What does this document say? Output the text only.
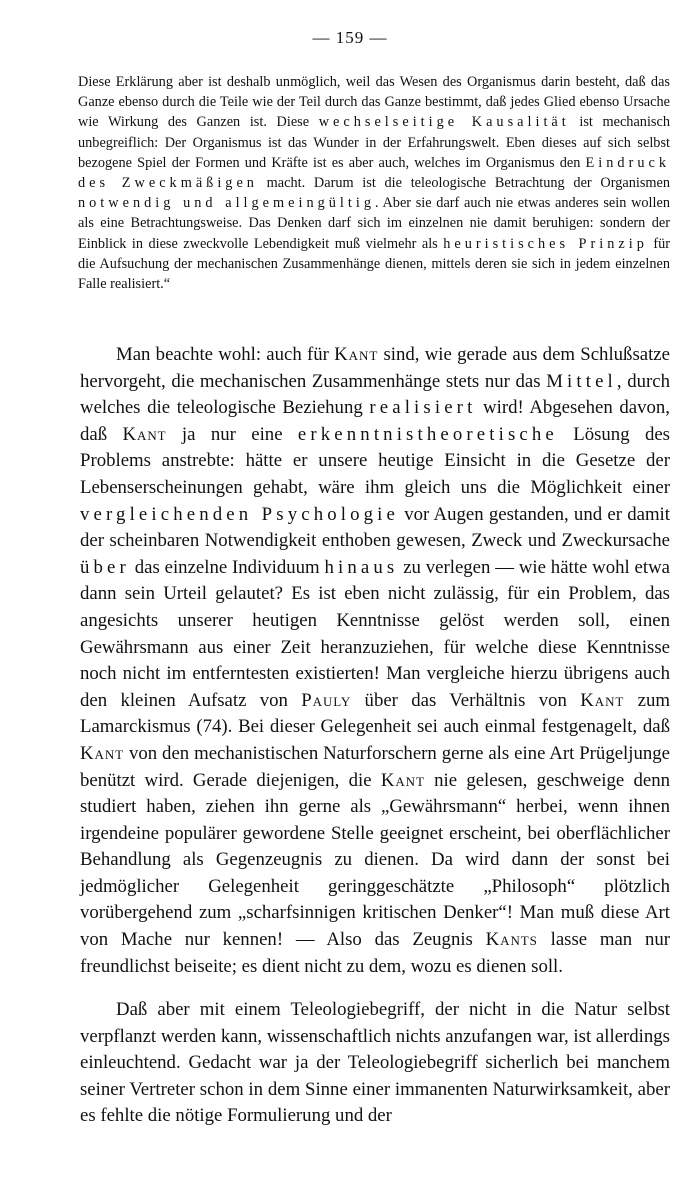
— 159 —

Diese Erklärung aber ist deshalb unmöglich, weil das Wesen des Organismus darin besteht, daß das Ganze ebenso durch die Teile wie der Teil durch das Ganze bestimmt, daß jedes Glied ebenso Ursache wie Wirkung des Ganzen ist. Diese wechselseitige Kausalität ist mechanisch unbegreiflich: Der Organismus ist das Wunder in der Erfahrungswelt. Eben dieses auf sich selbst bezogene Spiel der Formen und Kräfte ist es aber auch, welches im Organismus den Eindruck des Zweckmäßigen macht. Darum ist die teleologische Betrachtung der Organismen notwendig und allgemeingültig. Aber sie darf auch nie etwas anderes sein wollen als eine Betrachtungsweise. Das Denken darf sich im einzelnen nie damit beruhigen: sondern der Einblick in diese zweckvolle Lebendigkeit muß vielmehr als heuristisches Prinzip für die Aufsuchung der mechanischen Zusammenhänge dienen, mittels deren sie sich in jedem einzelnen Falle realisiert.“

Man beachte wohl: auch für Kant sind, wie gerade aus dem Schlußsatze hervorgeht, die mechanischen Zusammenhänge stets nur das Mittel, durch welches die teleologische Beziehung realisiert wird! Abgesehen davon, daß Kant ja nur eine erkenntnistheoretische Lösung des Problems anstrebte: hätte er unsere heutige Einsicht in die Gesetze der Lebenserscheinungen gehabt, wäre ihm gleich uns die Möglichkeit einer vergleichenden Psychologie vor Augen gestanden, und er damit der scheinbaren Notwendigkeit enthoben gewesen, Zweck und Zweckursache über das einzelne Individuum hinaus zu verlegen — wie hätte wohl etwa dann sein Urteil gelautet? Es ist eben nicht zulässig, für ein Problem, das angesichts unserer heutigen Kenntnisse gelöst werden soll, einen Gewährsmann aus einer Zeit heranzuziehen, für welche diese Kenntnisse noch nicht im entferntesten existierten! Man vergleiche hierzu übrigens auch den kleinen Aufsatz von Pauly über das Verhältnis von Kant zum Lamarckismus (74). Bei dieser Gelegenheit sei auch einmal festgenagelt, daß Kant von den mechanistischen Naturforschern gerne als eine Art Prügeljunge benützt wird. Gerade diejenigen, die Kant nie gelesen, geschweige denn studiert haben, ziehen ihn gerne als „Gewährsmann“ herbei, wenn ihnen irgendeine populärer gewordene Stelle geeignet erscheint, bei oberflächlicher Behandlung als Gegenzeugnis zu dienen. Da wird dann der sonst bei jedmöglicher Gelegenheit geringgeschätzte „Philosoph“ plötzlich vorübergehend zum „scharfsinnigen kritischen Denker“! Man muß diese Art von Mache nur kennen! — Also das Zeugnis Kants lasse man nur freundlichst beiseite; es dient nicht zu dem, wozu es dienen soll.

Daß aber mit einem Teleologiebegriff, der nicht in die Natur selbst verpflanzt werden kann, wissenschaftlich nichts anzufangen war, ist allerdings einleuchtend. Gedacht war ja der Teleologiebegriff sicherlich bei manchem seiner Vertreter schon in dem Sinne einer immanenten Naturwirksamkeit, aber es fehlte die nötige Formulierung und der
